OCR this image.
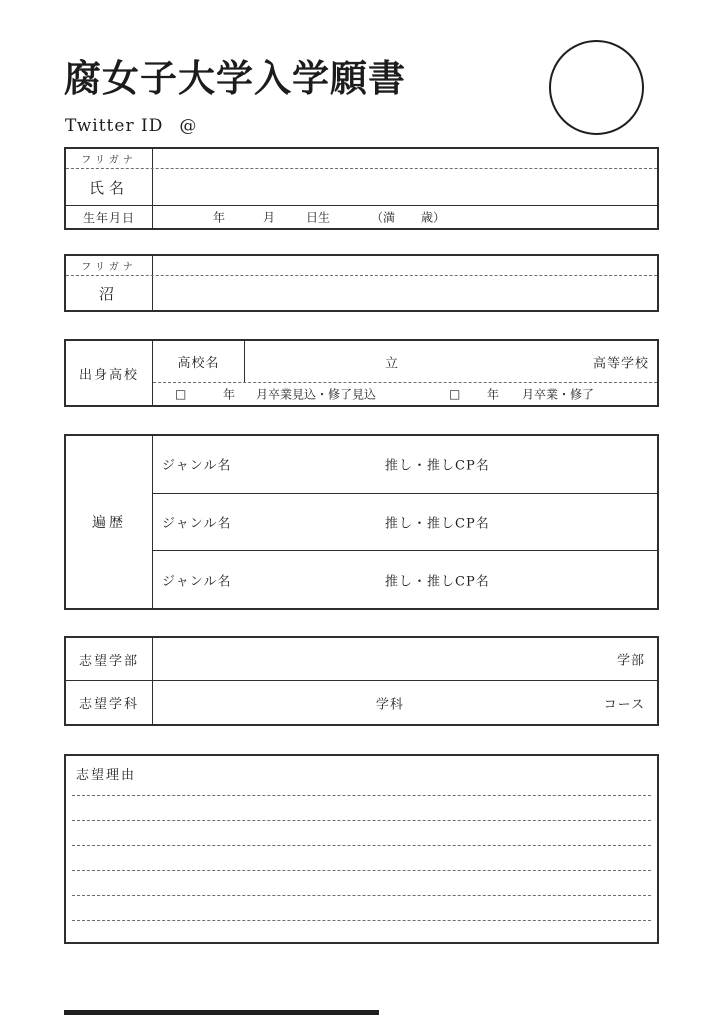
腐女子大学入学願書
Twitter ID @
フリガナ
氏名
生年月日	年	月	日生	（満 歳）
フリガナ
沼
出身高校
高校名	立	高等学校
□	年 月卒業見込・修了見込	□ 年 月卒業・修了
遍歴
ジャンル名	推し・推しCP名
ジャンル名	推し・推しCP名
ジャンル名	推し・推しCP名
志望学部	学部
志望学科	学科	コース
志望理由
